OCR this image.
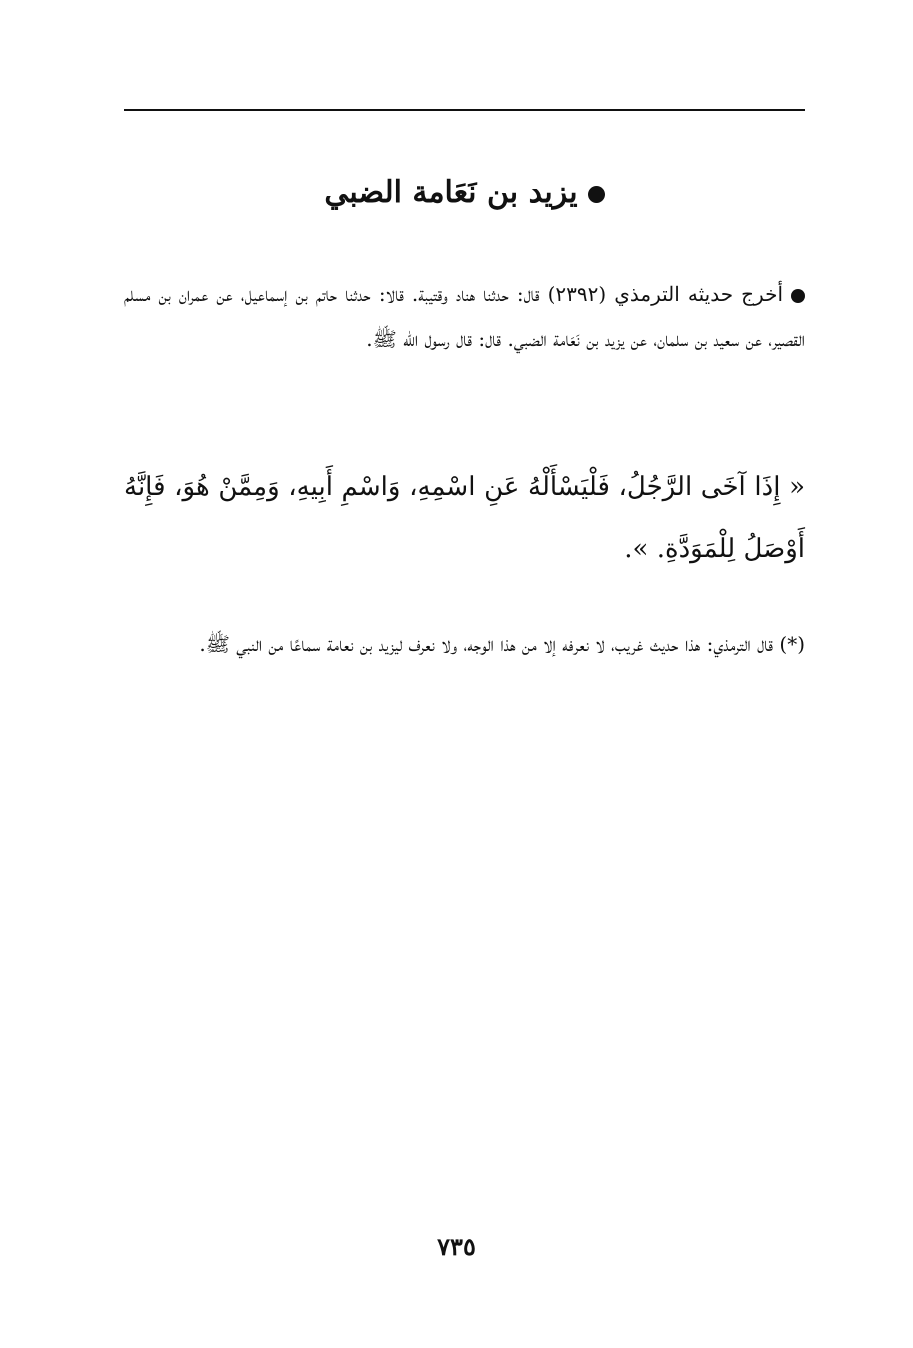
يزيد بن نَعَامة الضبي
أخرج حديثه الترمذي (٢٣٩٢) قال: حدثنا هناد وقتيبة. قالا: حدثنا حاتم بن إسماعيل، عن عمران بن مسلم القصير، عن سعيد بن سلمان، عن يزيد بن نَعَامة الضبي. قال: قال رسول الله ﷺ.
« إِذَا آخَى الرَّجُلُ، فَلْيَسْأَلْهُ عَنِ اسْمِهِ، وَاسْمِ أَبِيهِ، وَمِمَّنْ هُوَ، فَإِنَّهُ أَوْصَلُ لِلْمَوَدَّةِ. ».
(*) قال الترمذي: هذا حديث غريب، لا نعرفه إلا من هذا الوجه، ولا نعرف ليزيد بن نعامة سماعًا من النبي ﷺ.
٧٣٥
